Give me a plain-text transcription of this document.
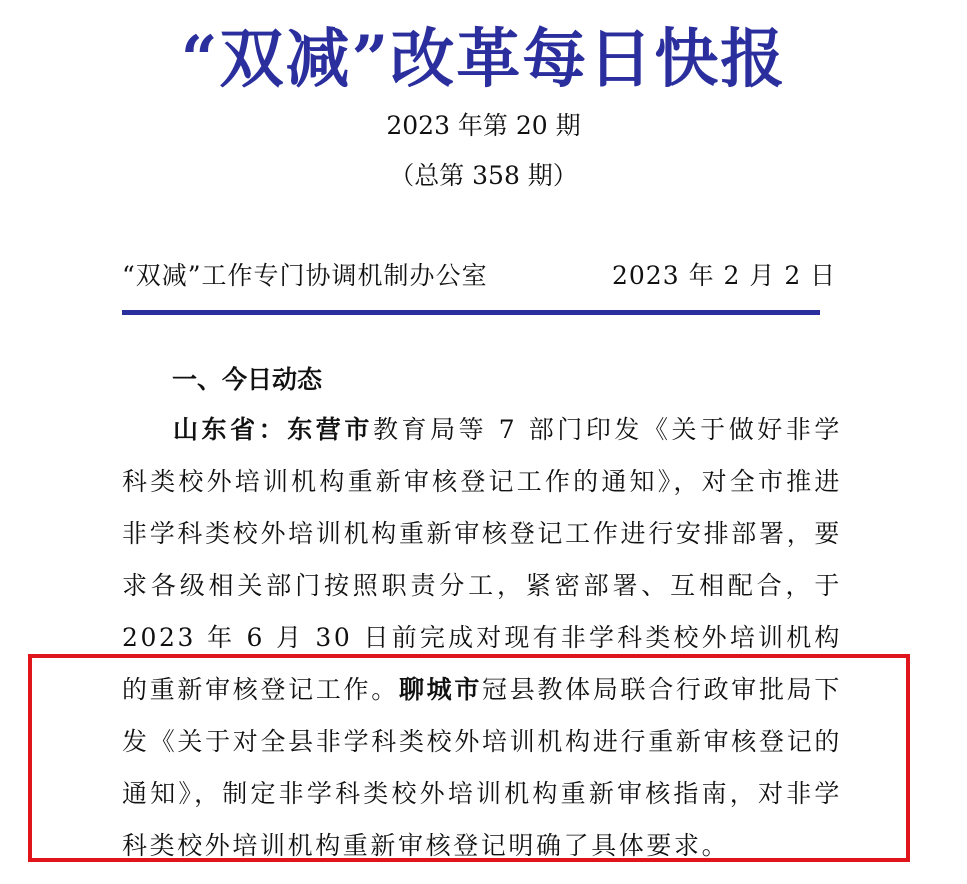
“双减”改革每日快报
2023 年第 20 期
（总第 358 期）
“双减”工作专门协调机制办公室	2023 年 2 月 2 日
一、今日动态

山东省：东营市教育局等 7 部门印发《关于做好非学科类校外培训机构重新审核登记工作的通知》，对全市推进非学科类校外培训机构重新审核登记工作进行安排部署，要求各级相关部门按照职责分工，紧密部署、互相配合，于 2023 年 6 月 30 日前完成对现有非学科类校外培训机构的重新审核登记工作。聊城市冠县教体局联合行政审批局下发《关于对全县非学科类校外培训机构进行重新审核登记的通知》，制定非学科类校外培训机构重新审核指南，对非学科类校外培训机构重新审核登记明确了具体要求。
